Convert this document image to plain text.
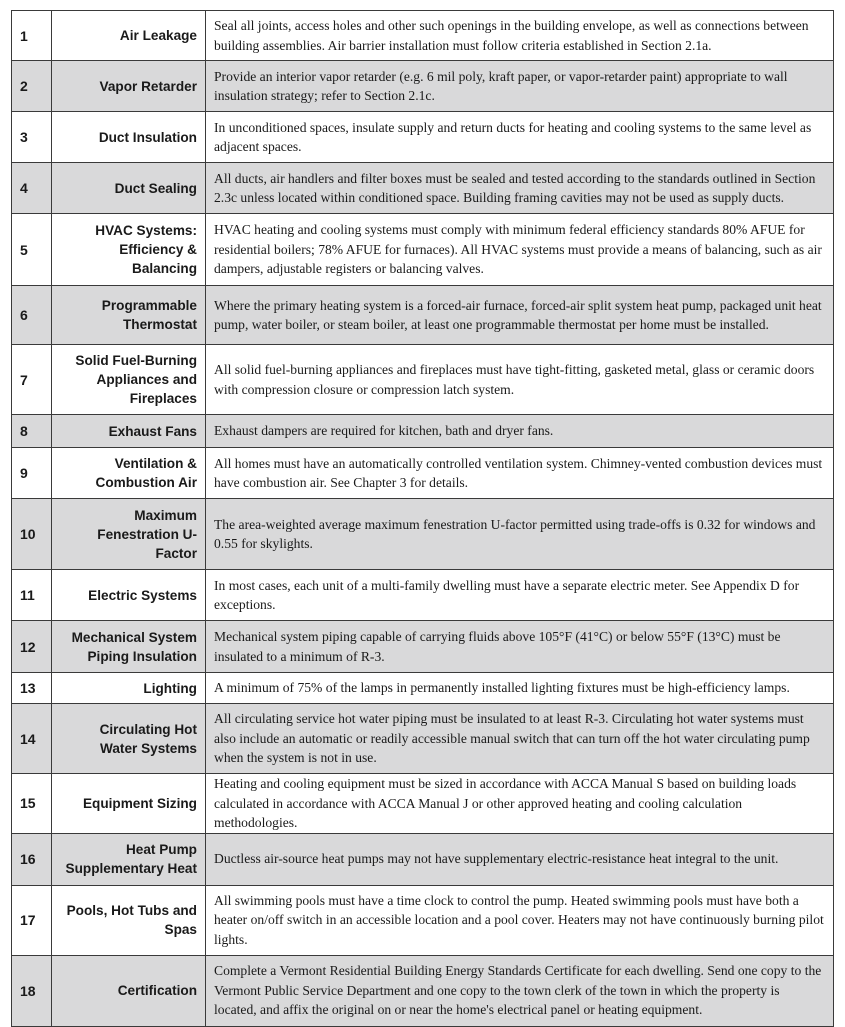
1	Air Leakage	Seal all joints, access holes and other such openings in the building envelope, as well as connections between building assemblies. Air barrier installation must follow criteria established in Section 2.1a.
2	Vapor Retarder	Provide an interior vapor retarder (e.g. 6 mil poly, kraft paper, or vapor-retarder paint) appropriate to wall insulation strategy; refer to Section 2.1c.
3	Duct Insulation	In unconditioned spaces, insulate supply and return ducts for heating and cooling systems to the same level as adjacent spaces.
4	Duct Sealing	All ducts, air handlers and filter boxes must be sealed and tested according to the standards outlined in Section 2.3c unless located within conditioned space. Building framing cavities may not be used as supply ducts.
5	HVAC Systems: Efficiency & Balancing	HVAC heating and cooling systems must comply with minimum federal efficiency standards 80% AFUE for residential boilers; 78% AFUE for furnaces). All HVAC systems must provide a means of balancing, such as air dampers, adjustable registers or balancing valves.
6	Programmable Thermostat	Where the primary heating system is a forced-air furnace, forced-air split system heat pump, packaged unit heat pump, water boiler, or steam boiler, at least one programmable thermostat per home must be installed.
7	Solid Fuel-Burning Appliances and Fireplaces	All solid fuel-burning appliances and fireplaces must have tight-fitting, gasketed metal, glass or ceramic doors with compression closure or compression latch system.
8	Exhaust Fans	Exhaust dampers are required for kitchen, bath and dryer fans.
9	Ventilation & Combustion Air	All homes must have an automatically controlled ventilation system. Chimney-vented combustion devices must have combustion air. See Chapter 3 for details.
10	Maximum Fenestration U-Factor	The area-weighted average maximum fenestration U-factor permitted using trade-offs is 0.32 for windows and 0.55 for skylights.
11	Electric Systems	In most cases, each unit of a multi-family dwelling must have a separate electric meter. See Appendix D for exceptions.
12	Mechanical System Piping Insulation	Mechanical system piping capable of carrying fluids above 105°F (41°C) or below 55°F (13°C) must be insulated to a minimum of R-3.
13	Lighting	A minimum of 75% of the lamps in permanently installed lighting fixtures must be high-efficiency lamps.
14	Circulating Hot Water Systems	All circulating service hot water piping must be insulated to at least R-3. Circulating hot water systems must also include an automatic or readily accessible manual switch that can turn off the hot water circulating pump when the system is not in use.
15	Equipment Sizing	Heating and cooling equipment must be sized in accordance with ACCA Manual S based on building loads calculated in accordance with ACCA Manual J or other approved heating and cooling calculation methodologies.
16	Heat Pump Supplementary Heat	Ductless air-source heat pumps may not have supplementary electric-resistance heat integral to the unit.
17	Pools, Hot Tubs and Spas	All swimming pools must have a time clock to control the pump. Heated swimming pools must have both a heater on/off switch in an accessible location and a pool cover. Heaters may not have continuously burning pilot lights.
18	Certification	Complete a Vermont Residential Building Energy Standards Certificate for each dwelling. Send one copy to the Vermont Public Service Department and one copy to the town clerk of the town in which the property is located, and affix the original on or near the home's electrical panel or heating equipment.
